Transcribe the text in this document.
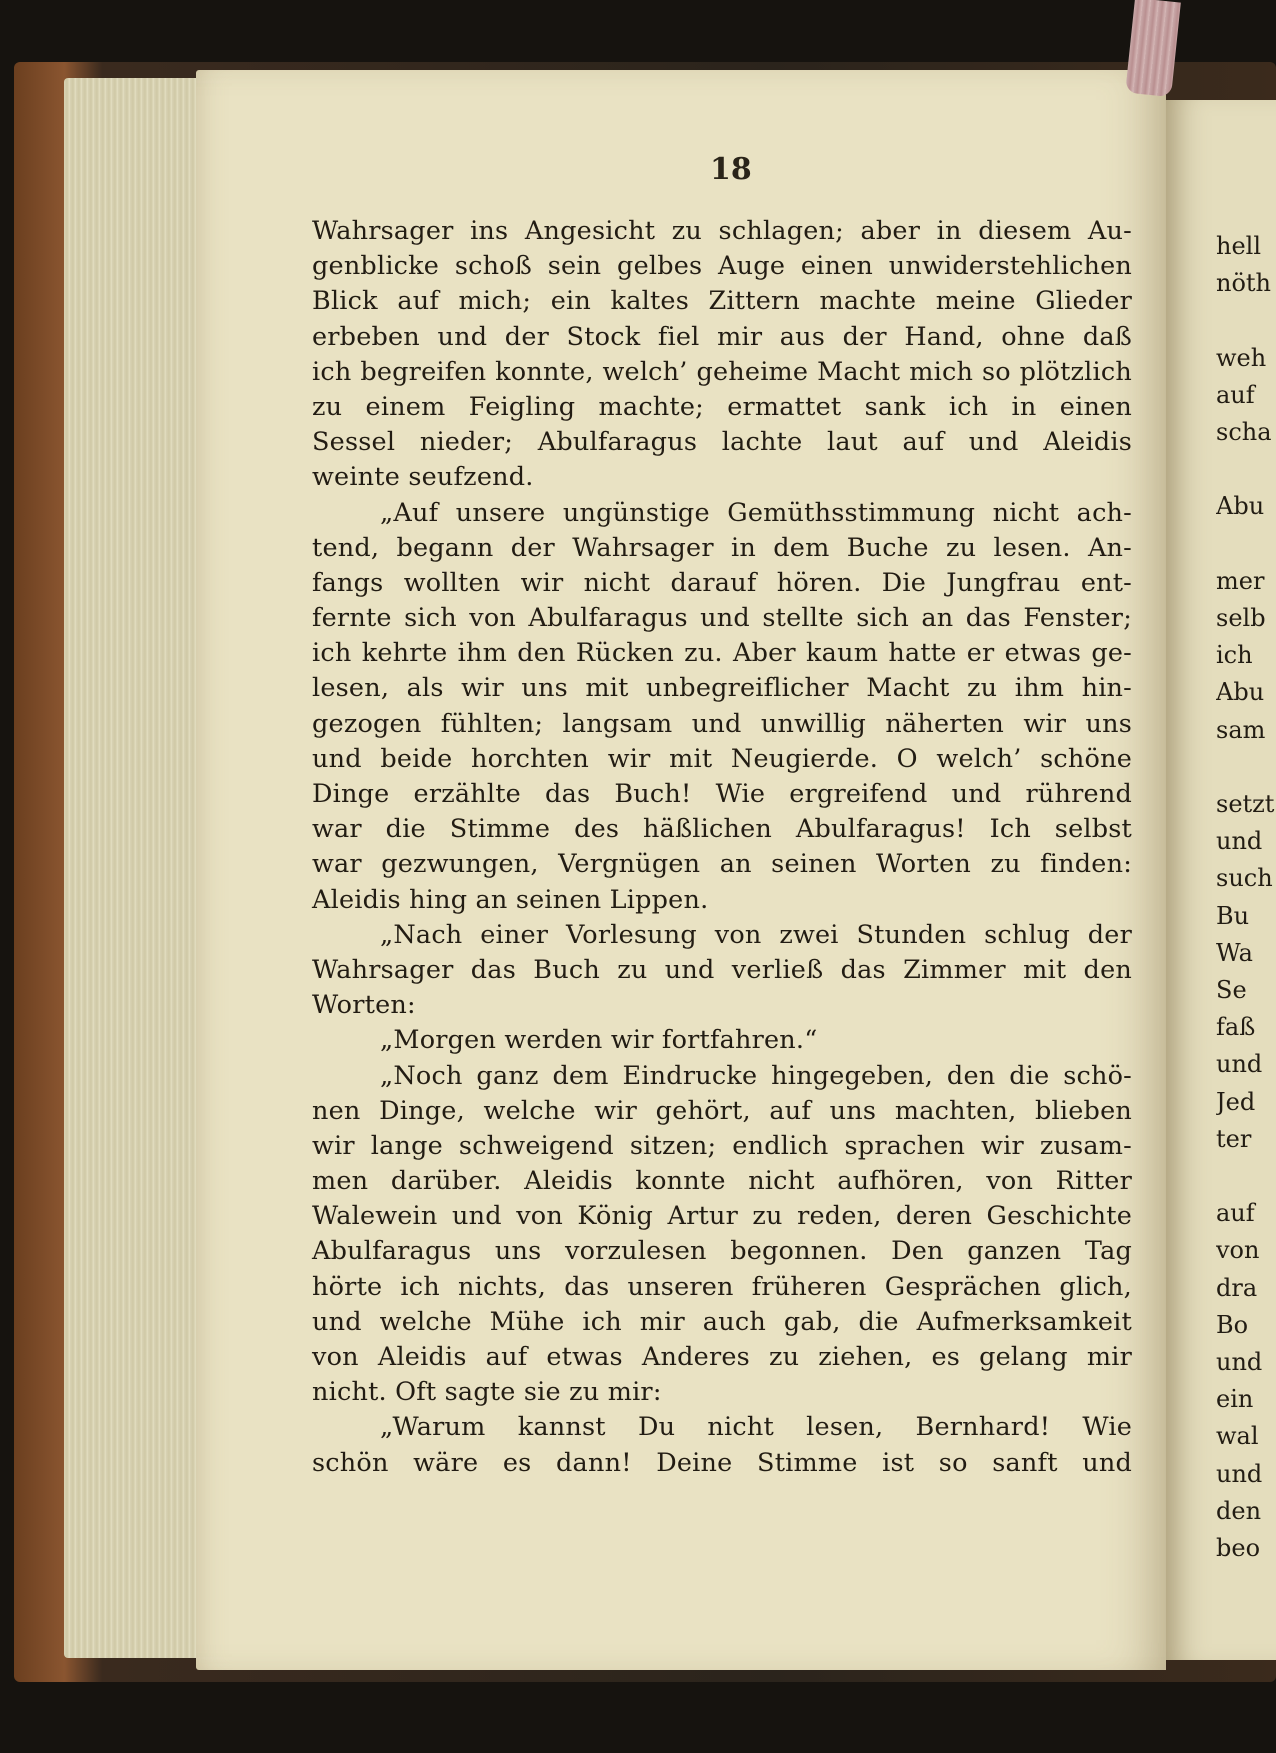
18
Wahrsager ins Angesicht zu schlagen; aber in diesem Au-
genblicke schoß sein gelbes Auge einen unwiderstehlichen
Blick auf mich; ein kaltes Zittern machte meine Glieder
erbeben und der Stock fiel mir aus der Hand, ohne daß
ich begreifen konnte, welch’ geheime Macht mich so plötzlich
zu einem Feigling machte; ermattet sank ich in einen
Sessel nieder; Abulfaragus lachte laut auf und Aleidis
weinte seufzend.
„Auf unsere ungünstige Gemüthsstimmung nicht ach-
tend, begann der Wahrsager in dem Buche zu lesen. An-
fangs wollten wir nicht darauf hören. Die Jungfrau ent-
fernte sich von Abulfaragus und stellte sich an das Fenster;
ich kehrte ihm den Rücken zu. Aber kaum hatte er etwas ge-
lesen, als wir uns mit unbegreiflicher Macht zu ihm hin-
gezogen fühlten; langsam und unwillig näherten wir uns
und beide horchten wir mit Neugierde. O welch’ schöne
Dinge erzählte das Buch! Wie ergreifend und rührend
war die Stimme des häßlichen Abulfaragus! Ich selbst
war gezwungen, Vergnügen an seinen Worten zu finden:
Aleidis hing an seinen Lippen.
„Nach einer Vorlesung von zwei Stunden schlug der
Wahrsager das Buch zu und verließ das Zimmer mit den
Worten:
„Morgen werden wir fortfahren.“
„Noch ganz dem Eindrucke hingegeben, den die schö-
nen Dinge, welche wir gehört, auf uns machten, blieben
wir lange schweigend sitzen; endlich sprachen wir zusam-
men darüber. Aleidis konnte nicht aufhören, von Ritter
Walewein und von König Artur zu reden, deren Geschichte
Abulfaragus uns vorzulesen begonnen. Den ganzen Tag
hörte ich nichts, das unseren früheren Gesprächen glich,
und welche Mühe ich mir auch gab, die Aufmerksamkeit
von Aleidis auf etwas Anderes zu ziehen, es gelang mir
nicht. Oft sagte sie zu mir:
„Warum kannst Du nicht lesen, Bernhard! Wie
schön wäre es dann! Deine Stimme ist so sanft und
hell
nöth
weh
auf
scha
Abu
mer
selb
ich
Abu
sam
setzt
und
such
Bu
Wa
Se
faß
und
Jed
ter
auf
von
dra
Bo
und
ein
wal
und
den
beo
